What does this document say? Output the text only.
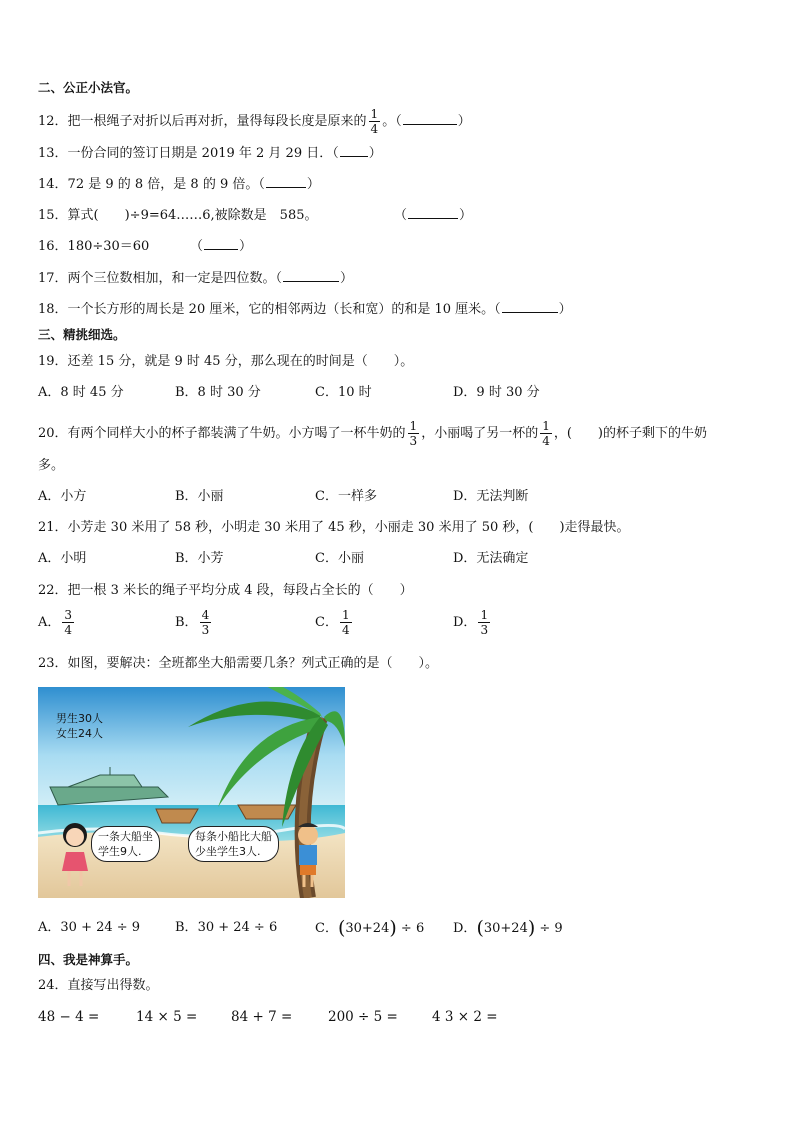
二、公正小法官。
12．把一根绳子对折以后再对折，量得每段长度是原来的 $\frac{1}{4}$ 。（	）
13．一份合同的签订日期是 2019 年 2 月 29 日．（ ）
14．72 是 9 的 8 倍，是 8 的 9 倍。（	）
15．算式(　　)÷9=64……6,被除数是　585。	（	）
16．180÷30＝60	（	）
17．两个三位数相加，和一定是四位数。（	）
18．一个长方形的周长是 20 厘米，它的相邻两边（长和宽）的和是 10 厘米。（	）
三、精挑细选。
19．还差 15 分，就是 9 时 45 分，那么现在的时间是（　　）。
A．8 时 45 分	B．8 时 30 分	C．10 时	D．9 时 30 分
20．有两个同样大小的杯子都装满了牛奶。小方喝了一杯牛奶的 $\frac{1}{3}$ ，小丽喝了另一杯的 $\frac{1}{4}$ ，(　　)的杯子剩下的牛奶
多。
A．小方	B．小丽	C．一样多	D．无法判断
21．小芳走 30 米用了 58 秒，小明走 30 米用了 45 秒，小丽走 30 米用了 50 秒，(　　)走得最快。
A．小明	B．小芳	C．小丽	D．无法确定
22．把一根 3 米长的绳子平均分成 4 段，每段占全长的（　　）
A． $\frac{3}{4}$	B． $\frac{4}{3}$	C． $\frac{1}{4}$	D． $\frac{1}{3}$
23．如图，要解决：全班都坐大船需要几条？列式正确的是（　　）。
男生30人
女生24人
一条大船坐
学生9人.
每条小船比大船
少坐学生3人.
A．30 + 24 ÷ 9	B．30 + 24 ÷ 6	C．(30+24) ÷ 6 D．(30+24) ÷ 9
四、我是神算手。
24．直接写出得数。
48 − 4 =	14 × 5 = 84 + 7 =	200 ÷ 5 =	4 3 × 2 =
